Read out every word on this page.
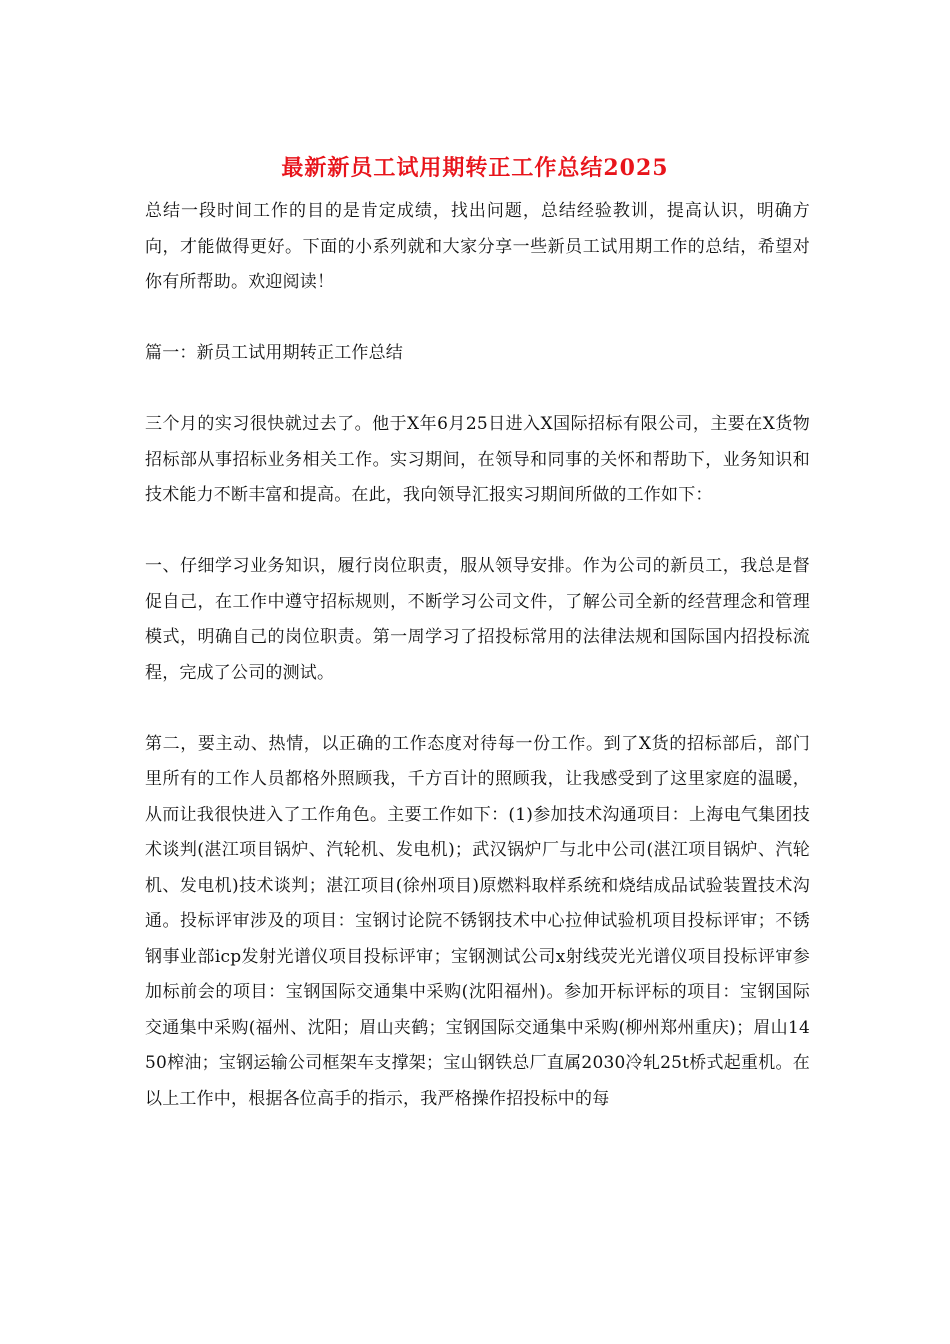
最新新员工试用期转正工作总结2025

总结一段时间工作的目的是肯定成绩，找出问题，总结经验教训，提高认识，明确方向，才能做得更好。下面的小系列就和大家分享一些新员工试用期工作的总结，希望对你有所帮助。欢迎阅读！

篇一：新员工试用期转正工作总结

三个月的实习很快就过去了。他于X年6月25日进入X国际招标有限公司，主要在X货物招标部从事招标业务相关工作。实习期间，在领导和同事的关怀和帮助下，业务知识和技术能力不断丰富和提高。在此，我向领导汇报实习期间所做的工作如下：

一、仔细学习业务知识，履行岗位职责，服从领导安排。作为公司的新员工，我总是督促自己，在工作中遵守招标规则，不断学习公司文件，了解公司全新的经营理念和管理模式，明确自己的岗位职责。第一周学习了招投标常用的法律法规和国际国内招投标流程，完成了公司的测试。

第二，要主动、热情，以正确的工作态度对待每一份工作。到了X货的招标部后，部门里所有的工作人员都格外照顾我，千方百计的照顾我，让我感受到了这里家庭的温暖，从而让我很快进入了工作角色。主要工作如下：(1)参加技术沟通项目：上海电气集团技术谈判(湛江项目锅炉、汽轮机、发电机)；武汉锅炉厂与北中公司(湛江项目锅炉、汽轮机、发电机)技术谈判；湛江项目(徐州项目)原燃料取样系统和烧结成品试验装置技术沟通。投标评审涉及的项目：宝钢讨论院不锈钢技术中心拉伸试验机项目投标评审；不锈钢事业部icp发射光谱仪项目投标评审；宝钢测试公司x射线荧光光谱仪项目投标评审参加标前会的项目：宝钢国际交通集中采购(沈阳福州)。参加开标评标的项目：宝钢国际交通集中采购(福州、沈阳；眉山夹鹤；宝钢国际交通集中采购(柳州郑州重庆)；眉山1450榨油；宝钢运输公司框架车支撑架；宝山钢铁总厂直属2030冷轧25t桥式起重机。在以上工作中，根据各位高手的指示，我严格操作招投标中的每
